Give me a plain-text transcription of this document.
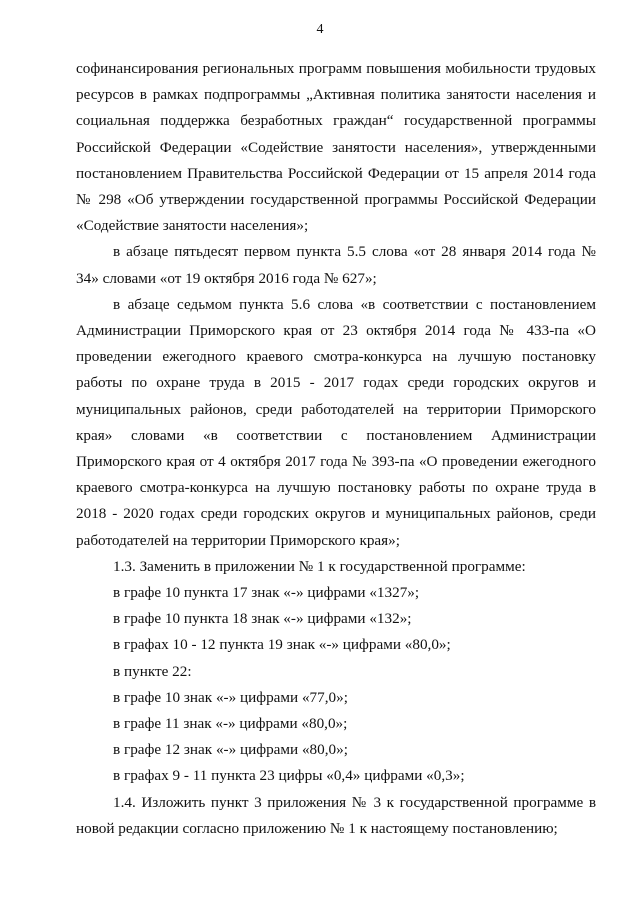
4

софинансирования региональных программ повышения мобильности трудовых ресурсов в рамках подпрограммы „Активная политика занятости населения и социальная поддержка безработных граждан“ государственной программы Российской Федерации «Содействие занятости населения», утвержденными постановлением Правительства Российской Федерации от 15 апреля 2014 года № 298 «Об утверждении государственной программы Российской Федерации «Содействие занятости населения»;

в абзаце пятьдесят первом пункта 5.5 слова «от 28 января 2014 года № 34» словами «от 19 октября 2016 года № 627»;

в абзаце седьмом пункта 5.6 слова «в соответствии с постановлением Администрации Приморского края от 23 октября 2014 года № 433-па «О проведении ежегодного краевого смотра-конкурса на лучшую постановку работы по охране труда в 2015 - 2017 годах среди городских округов и муниципальных районов, среди работодателей на территории Приморского края» словами «в соответствии с постановлением Администрации Приморского края от 4 октября 2017 года № 393-па «О проведении ежегодного краевого смотра-конкурса на лучшую постановку работы по охране труда в 2018 - 2020 годах среди городских округов и муниципальных районов, среди работодателей на территории Приморского края»;

1.3. Заменить в приложении № 1 к государственной программе:

в графе 10 пункта 17 знак «-» цифрами «1327»;

в графе 10 пункта 18 знак «-» цифрами «132»;

в графах 10 - 12 пункта 19 знак «-» цифрами «80,0»;

в пункте 22:

в графе 10 знак «-» цифрами «77,0»;

в графе 11 знак «-» цифрами «80,0»;

в графе 12 знак «-» цифрами «80,0»;

в графах 9 - 11 пункта 23 цифры «0,4» цифрами «0,3»;

1.4. Изложить пункт 3 приложения № 3 к государственной программе в новой редакции согласно приложению № 1 к настоящему постановлению;
